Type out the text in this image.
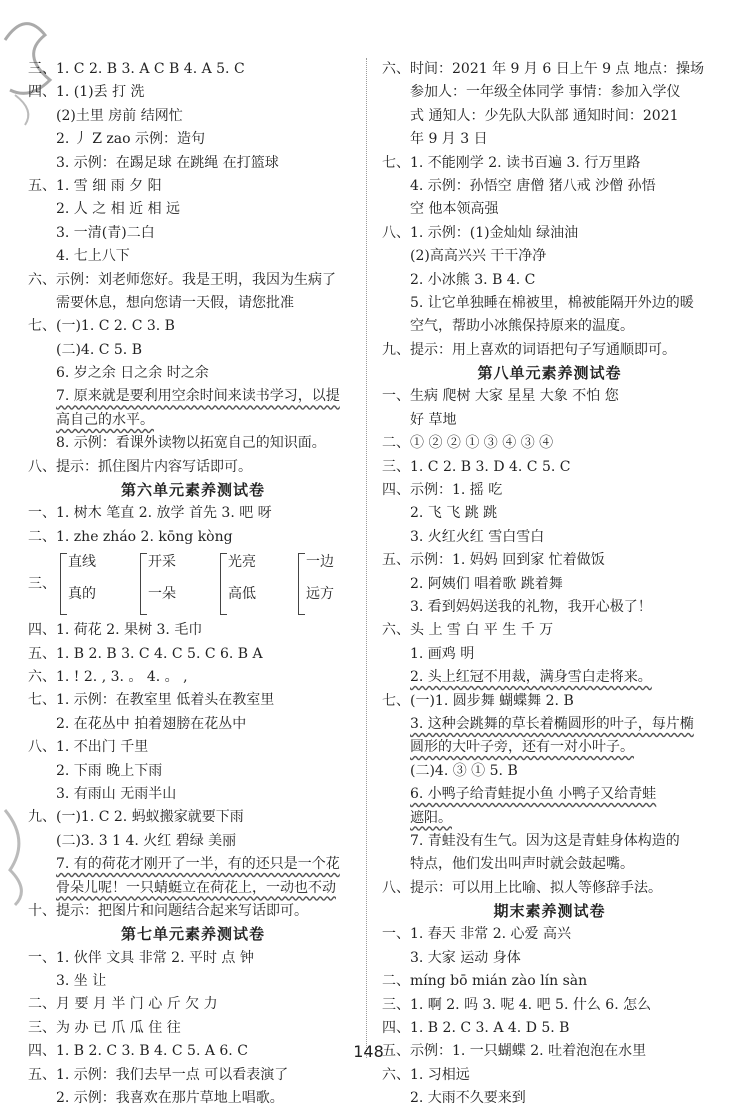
三、1. C 2. B 3. A C B 4. A 5. C
四、1. (1)丢 打 洗
(2)土里 房前 结网忙
2. 丿 Z zao 示例：造句
3. 示例：在踢足球 在跳绳 在打篮球
五、1. 雪 细 雨 夕 阳
2. 人 之 相 近 相 远
3. 一清(青)二白
4. 七上八下
六、示例：刘老师您好。我是王明，我因为生病了
需要休息，想向您请一天假，请您批准
七、(一)1. C 2. C 3. B
(二)4. C 5. B
6. 岁之余 日之余 时之余
7. 原来就是要利用空余时间来读书学习，以提
高自己的水平。
8. 示例：看课外读物以拓宽自己的知识面。
八、提示：抓住图片内容写话即可。
第六单元素养测试卷
一、1. 树木 笔直 2. 放学 首先 3. 吧 呀
二、1. zhe zháo 2. kōng kòng
三、
直线
真的
开采
一朵
光亮
高低
一边
远方
四、1. 荷花 2. 果树 3. 毛巾
五、1. B 2. B 3. C 4. C 5. C 6. B A
六、1. ! 2. , 3. 。 4. 。 ,
七、1. 示例：在教室里 低着头在教室里
2. 在花丛中 拍着翅膀在花丛中
八、1. 不出门 千里
2. 下雨 晚上下雨
3. 有雨山 无雨半山
九、(一)1. C 2. 蚂蚁搬家就要下雨
(二)3. 3 1 4. 火红 碧绿 美丽
7. 有的荷花才刚开了一半，有的还只是一个花
骨朵儿呢！一只蜻蜓立在荷花上，一动也不动
十、提示：把图片和问题结合起来写话即可。
第七单元素养测试卷
一、1. 伙伴 文具 非常 2. 平时 点 钟
3. 坐 让
二、月 要 月 半 门 心 斤 欠 力
三、为 办 已 爪 瓜 住 往
四、1. B 2. C 3. B 4. C 5. A 6. C
五、1. 示例：我们去早一点 可以看表演了
2. 示例：我喜欢在那片草地上唱歌。
六、时间：2021 年 9 月 6 日上午 9 点 地点：操场
参加人：一年级全体同学 事情：参加入学仪
式 通知人：少先队大队部 通知时间：2021
年 9 月 3 日
七、1. 不能刚学 2. 读书百遍 3. 行万里路
4. 示例：孙悟空 唐僧 猪八戒 沙僧 孙悟
空 他本领高强
八、1. 示例：(1)金灿灿 绿油油
(2)高高兴兴 干干净净
2. 小冰熊 3. B 4. C
5. 让它单独睡在棉被里，棉被能隔开外边的暖
空气，帮助小冰熊保持原来的温度。
九、提示：用上喜欢的词语把句子写通顺即可。
第八单元素养测试卷
一、生病 爬树 大家 星星 大象 不怕 您
好 草地
二、① ② ② ① ③ ④ ③ ④
三、1. C 2. B 3. D 4. C 5. C
四、示例：1. 摇 吃
2. 飞 飞 跳 跳
3. 火红火红 雪白雪白
五、示例：1. 妈妈 回到家 忙着做饭
2. 阿姨们 唱着歌 跳着舞
3. 看到妈妈送我的礼物，我开心极了！
六、头 上 雪 白 平 生 千 万
1. 画鸡 明
2. 头上红冠不用裁，满身雪白走将来。
七、(一)1. 圆步舞 蝴蝶舞 2. B
3. 这种会跳舞的草长着椭圆形的叶子，每片椭
圆形的大叶子旁，还有一对小叶子。
(二)4. ③ ① 5. B
6. 小鸭子给青蛙捉小鱼 小鸭子又给青蛙
遮阳。
7. 青蛙没有生气。因为这是青蛙身体构造的
特点，他们发出叫声时就会鼓起嘴。
八、提示：可以用上比喻、拟人等修辞手法。
期末素养测试卷
一、1. 春天 非常 2. 心爱 高兴
3. 大家 运动 身体
二、míng bō mián zào lín sàn
三、1. 啊 2. 吗 3. 呢 4. 吧 5. 什么 6. 怎么
四、1. B 2. C 3. A 4. D 5. B
五、示例：1. 一只蝴蝶 2. 吐着泡泡在水里
六、1. 习相远
2. 大雨不久要来到
148
